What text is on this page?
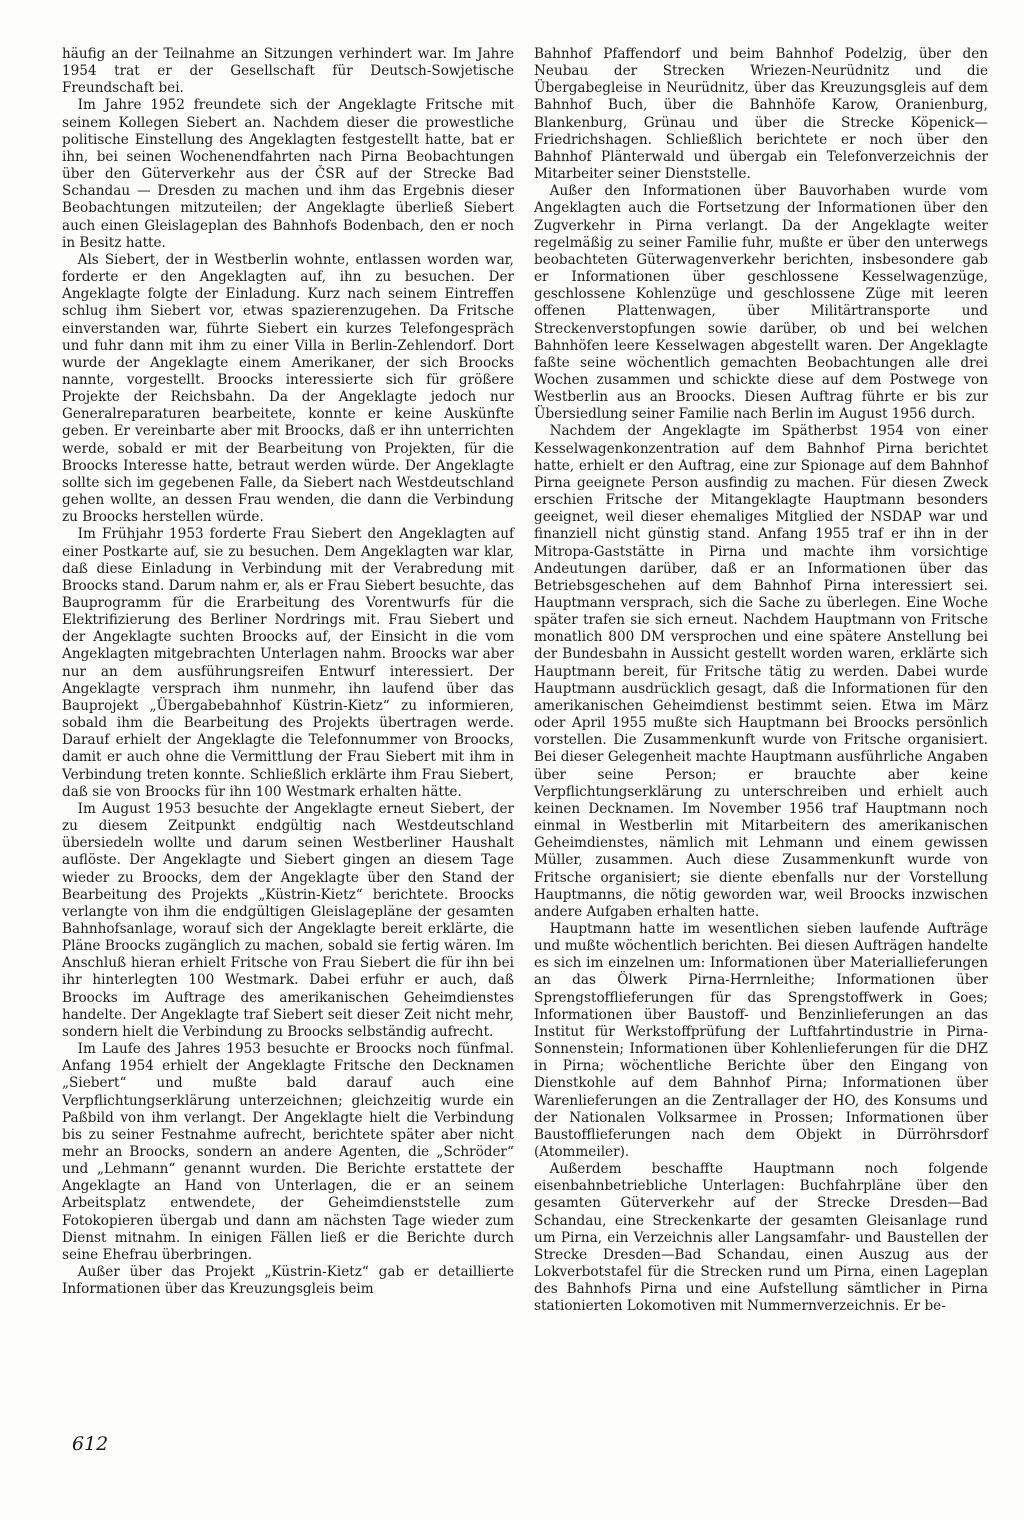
häufig an der Teilnahme an Sitzungen verhindert war. Im Jahre 1954 trat er der Gesellschaft für Deutsch-Sowjetische Freundschaft bei.

Im Jahre 1952 freundete sich der Angeklagte Fritsche mit seinem Kollegen Siebert an. Nachdem dieser die prowestliche politische Einstellung des Angeklagten festgestellt hatte, bat er ihn, bei seinen Wochenendfahrten nach Pirna Beobachtungen über den Güterverkehr aus der ČSR auf der Strecke Bad Schandau — Dresden zu machen und ihm das Ergebnis dieser Beobachtungen mitzuteilen; der Angeklagte überließ Siebert auch einen Gleislageplan des Bahnhofs Bodenbach, den er noch in Besitz hatte.

Als Siebert, der in Westberlin wohnte, entlassen worden war, forderte er den Angeklagten auf, ihn zu besuchen. Der Angeklagte folgte der Einladung. Kurz nach seinem Eintreffen schlug ihm Siebert vor, etwas spazierenzugehen. Da Fritsche einverstanden war, führte Siebert ein kurzes Telefongespräch und fuhr dann mit ihm zu einer Villa in Berlin-Zehlendorf. Dort wurde der Angeklagte einem Amerikaner, der sich Broocks nannte, vorgestellt. Broocks interessierte sich für größere Projekte der Reichsbahn. Da der Angeklagte jedoch nur Generalreparaturen bearbeitete, konnte er keine Auskünfte geben. Er vereinbarte aber mit Broocks, daß er ihn unterrichten werde, sobald er mit der Bearbeitung von Projekten, für die Broocks Interesse hatte, betraut werden würde. Der Angeklagte sollte sich im gegebenen Falle, da Siebert nach Westdeutschland gehen wollte, an dessen Frau wenden, die dann die Verbindung zu Broocks herstellen würde.

Im Frühjahr 1953 forderte Frau Siebert den Angeklagten auf einer Postkarte auf, sie zu besuchen. Dem Angeklagten war klar, daß diese Einladung in Verbindung mit der Verabredung mit Broocks stand. Darum nahm er, als er Frau Siebert besuchte, das Bauprogramm für die Erarbeitung des Vorentwurfs für die Elektrifizierung des Berliner Nordrings mit. Frau Siebert und der Angeklagte suchten Broocks auf, der Einsicht in die vom Angeklagten mitgebrachten Unterlagen nahm. Broocks war aber nur an dem ausführungsreifen Entwurf interessiert. Der Angeklagte versprach ihm nunmehr, ihn laufend über das Bauprojekt „Übergabebahnhof Küstrin-Kietz“ zu informieren, sobald ihm die Bearbeitung des Projekts übertragen werde. Darauf erhielt der Angeklagte die Telefonnummer von Broocks, damit er auch ohne die Vermittlung der Frau Siebert mit ihm in Verbindung treten konnte. Schließlich erklärte ihm Frau Siebert, daß sie von Broocks für ihn 100 Westmark erhalten hätte.

Im August 1953 besuchte der Angeklagte erneut Siebert, der zu diesem Zeitpunkt endgültig nach Westdeutschland übersiedeln wollte und darum seinen Westberliner Haushalt auflöste. Der Angeklagte und Siebert gingen an diesem Tage wieder zu Broocks, dem der Angeklagte über den Stand der Bearbeitung des Projekts „Küstrin-Kietz“ berichtete. Broocks verlangte von ihm die endgültigen Gleislagepläne der gesamten Bahnhofsanlage, worauf sich der Angeklagte bereit erklärte, die Pläne Broocks zugänglich zu machen, sobald sie fertig wären. Im Anschluß hieran erhielt Fritsche von Frau Siebert die für ihn bei ihr hinterlegten 100 Westmark. Dabei erfuhr er auch, daß Broocks im Auftrage des amerikanischen Geheimdienstes handelte. Der Angeklagte traf Siebert seit dieser Zeit nicht mehr, sondern hielt die Verbindung zu Broocks selbständig aufrecht.

Im Laufe des Jahres 1953 besuchte er Broocks noch fünfmal. Anfang 1954 erhielt der Angeklagte Fritsche den Decknamen „Siebert“ und mußte bald darauf auch eine Verpflichtungserklärung unterzeichnen; gleichzeitig wurde ein Paßbild von ihm verlangt. Der Angeklagte hielt die Verbindung bis zu seiner Festnahme aufrecht, berichtete später aber nicht mehr an Broocks, sondern an andere Agenten, die „Schröder“ und „Lehmann“ genannt wurden. Die Berichte erstattete der Angeklagte an Hand von Unterlagen, die er an seinem Arbeitsplatz entwendete, der Geheimdienststelle zum Fotokopieren übergab und dann am nächsten Tage wieder zum Dienst mitnahm. In einigen Fällen ließ er die Berichte durch seine Ehefrau überbringen.

Außer über das Projekt „Küstrin-Kietz“ gab er detaillierte Informationen über das Kreuzungsgleis beim

Bahnhof Pfaffendorf und beim Bahnhof Podelzig, über den Neubau der Strecken Wriezen-Neurüdnitz und die Übergabegleise in Neurüdnitz, über das Kreuzungsgleis auf dem Bahnhof Buch, über die Bahnhöfe Karow, Oranienburg, Blankenburg, Grünau und über die Strecke Köpenick—Friedrichshagen. Schließlich berichtete er noch über den Bahnhof Plänterwald und übergab ein Telefonverzeichnis der Mitarbeiter seiner Dienststelle.

Außer den Informationen über Bauvorhaben wurde vom Angeklagten auch die Fortsetzung der Informationen über den Zugverkehr in Pirna verlangt. Da der Angeklagte weiter regelmäßig zu seiner Familie fuhr, mußte er über den unterwegs beobachteten Güterwagenverkehr berichten, insbesondere gab er Informationen über geschlossene Kesselwagenzüge, geschlossene Kohlenzüge und geschlossene Züge mit leeren offenen Plattenwagen, über Militärtransporte und Streckenverstopfungen sowie darüber, ob und bei welchen Bahnhöfen leere Kesselwagen abgestellt waren. Der Angeklagte faßte seine wöchentlich gemachten Beobachtungen alle drei Wochen zusammen und schickte diese auf dem Postwege von Westberlin aus an Broocks. Diesen Auftrag führte er bis zur Übersiedlung seiner Familie nach Berlin im August 1956 durch.

Nachdem der Angeklagte im Spätherbst 1954 von einer Kesselwagenkonzentration auf dem Bahnhof Pirna berichtet hatte, erhielt er den Auftrag, eine zur Spionage auf dem Bahnhof Pirna geeignete Person ausfindig zu machen. Für diesen Zweck erschien Fritsche der Mitangeklagte Hauptmann besonders geeignet, weil dieser ehemaliges Mitglied der NSDAP war und finanziell nicht günstig stand. Anfang 1955 traf er ihn in der Mitropa-Gaststätte in Pirna und machte ihm vorsichtige Andeutungen darüber, daß er an Informationen über das Betriebsgeschehen auf dem Bahnhof Pirna interessiert sei. Hauptmann versprach, sich die Sache zu überlegen. Eine Woche später trafen sie sich erneut. Nachdem Hauptmann von Fritsche monatlich 800 DM versprochen und eine spätere Anstellung bei der Bundesbahn in Aussicht gestellt worden waren, erklärte sich Hauptmann bereit, für Fritsche tätig zu werden. Dabei wurde Hauptmann ausdrücklich gesagt, daß die Informationen für den amerikanischen Geheimdienst bestimmt seien. Etwa im März oder April 1955 mußte sich Hauptmann bei Broocks persönlich vorstellen. Die Zusammenkunft wurde von Fritsche organisiert. Bei dieser Gelegenheit machte Hauptmann ausführliche Angaben über seine Person; er brauchte aber keine Verpflichtungserklärung zu unterschreiben und erhielt auch keinen Decknamen. Im November 1956 traf Hauptmann noch einmal in Westberlin mit Mitarbeitern des amerikanischen Geheimdienstes, nämlich mit Lehmann und einem gewissen Müller, zusammen. Auch diese Zusammenkunft wurde von Fritsche organisiert; sie diente ebenfalls nur der Vorstellung Hauptmanns, die nötig geworden war, weil Broocks inzwischen andere Aufgaben erhalten hatte.

Hauptmann hatte im wesentlichen sieben laufende Aufträge und mußte wöchentlich berichten. Bei diesen Aufträgen handelte es sich im einzelnen um: Informationen über Materiallieferungen an das Ölwerk Pirna-Herrnleithe; Informationen über Sprengstofflieferungen für das Sprengstoffwerk in Goes; Informationen über Baustoff- und Benzinlieferungen an das Institut für Werkstoffprüfung der Luftfahrtindustrie in Pirna-Sonnenstein; Informationen über Kohlenlieferungen für die DHZ in Pirna; wöchentliche Berichte über den Eingang von Dienstkohle auf dem Bahnhof Pirna; Informationen über Warenlieferungen an die Zentrallager der HO, des Konsums und der Nationalen Volksarmee in Prossen; Informationen über Baustofflieferungen nach dem Objekt in Dürröhrsdorf (Atommeiler).

Außerdem beschaffte Hauptmann noch folgende eisenbahnbetriebliche Unterlagen: Buchfahrpläne über den gesamten Güterverkehr auf der Strecke Dresden—Bad Schandau, eine Streckenkarte der gesamten Gleisanlage rund um Pirna, ein Verzeichnis aller Langsamfahr- und Baustellen der Strecke Dresden—Bad Schandau, einen Auszug aus der Lokverbotstafel für die Strecken rund um Pirna, einen Lageplan des Bahnhofs Pirna und eine Aufstellung sämtlicher in Pirna stationierten Lokomotiven mit Nummernverzeichnis. Er be-

612
